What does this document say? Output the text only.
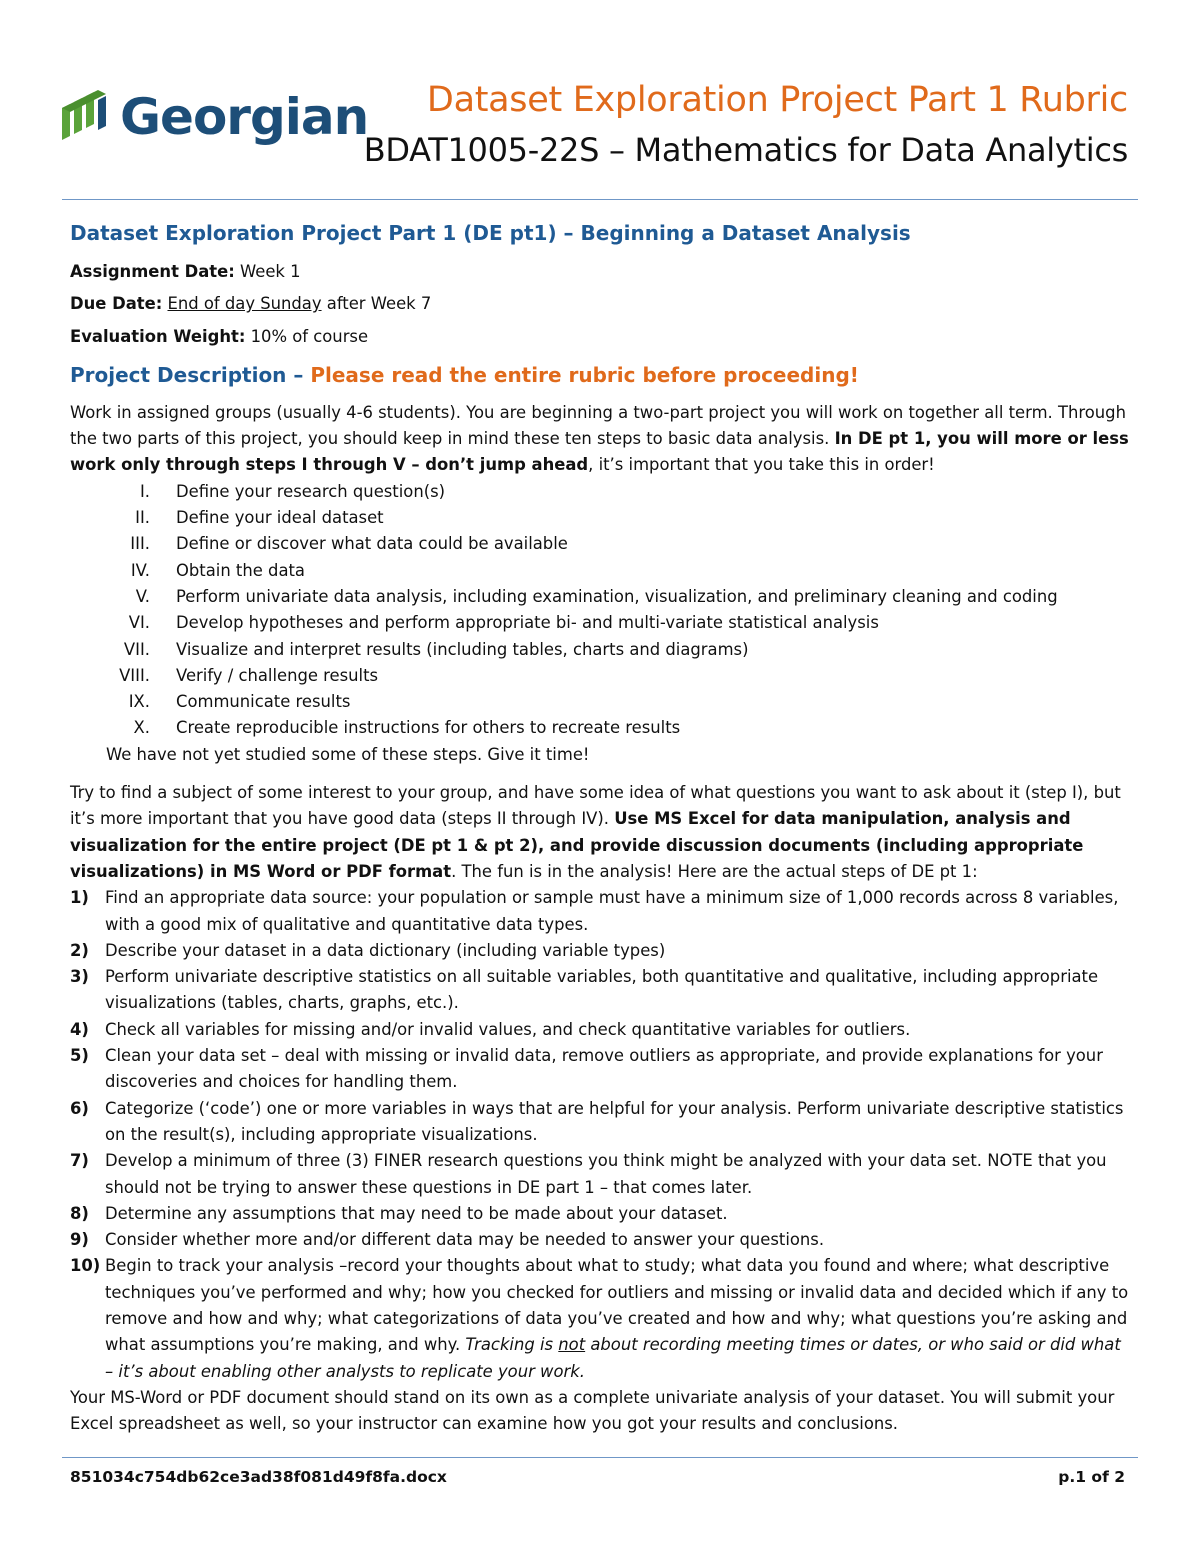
Georgian Dataset Exploration Project Part 1 Rubric
BDAT1005-22S – Mathematics for Data Analytics
Dataset Exploration Project Part 1 (DE pt1) – Beginning a Dataset Analysis
Assignment Date: Week 1
Due Date: End of day Sunday after Week 7
Evaluation Weight: 10% of course
Project Description – Please read the entire rubric before proceeding!

Work in assigned groups (usually 4-6 students). You are beginning a two-part project you will work on together all term. Through the two parts of this project, you should keep in mind these ten steps to basic data analysis. In DE pt 1, you will more or less work only through steps I through V – don’t jump ahead, it’s important that you take this in order!

I. Define your research question(s)
II. Define your ideal dataset
III. Define or discover what data could be available
IV. Obtain the data
V. Perform univariate data analysis, including examination, visualization, and preliminary cleaning and coding
VI. Develop hypotheses and perform appropriate bi- and multi-variate statistical analysis
VII. Visualize and interpret results (including tables, charts and diagrams)
VIII. Verify / challenge results
IX. Communicate results
X. Create reproducible instructions for others to recreate results

We have not yet studied some of these steps. Give it time!

Try to find a subject of some interest to your group, and have some idea of what questions you want to ask about it (step I), but it’s more important that you have good data (steps II through IV). Use MS Excel for data manipulation, analysis and visualization for the entire project (DE pt 1 & pt 2), and provide discussion documents (including appropriate visualizations) in MS Word or PDF format. The fun is in the analysis! Here are the actual steps of DE pt 1:

1) Find an appropriate data source: your population or sample must have a minimum size of 1,000 records across 8 variables, with a good mix of qualitative and quantitative data types.
2) Describe your dataset in a data dictionary (including variable types)
3) Perform univariate descriptive statistics on all suitable variables, both quantitative and qualitative, including appropriate visualizations (tables, charts, graphs, etc.).
4) Check all variables for missing and/or invalid values, and check quantitative variables for outliers.
5) Clean your data set – deal with missing or invalid data, remove outliers as appropriate, and provide explanations for your discoveries and choices for handling them.
6) Categorize (‘code’) one or more variables in ways that are helpful for your analysis. Perform univariate descriptive statistics on the result(s), including appropriate visualizations.
7) Develop a minimum of three (3) FINER research questions you think might be analyzed with your data set. NOTE that you should not be trying to answer these questions in DE part 1 – that comes later.
8) Determine any assumptions that may need to be made about your dataset.
9) Consider whether more and/or different data may be needed to answer your questions.
10) Begin to track your analysis –record your thoughts about what to study; what data you found and where; what descriptive techniques you’ve performed and why; how you checked for outliers and missing or invalid data and decided which if any to remove and how and why; what categorizations of data you’ve created and how and why; what questions you’re asking and what assumptions you’re making, and why. Tracking is not about recording meeting times or dates, or who said or did what – it’s about enabling other analysts to replicate your work.

Your MS-Word or PDF document should stand on its own as a complete univariate analysis of your dataset. You will submit your Excel spreadsheet as well, so your instructor can examine how you got your results and conclusions.

851034c754db62ce3ad38f081d49f8fa.docx	p.1 of 2
